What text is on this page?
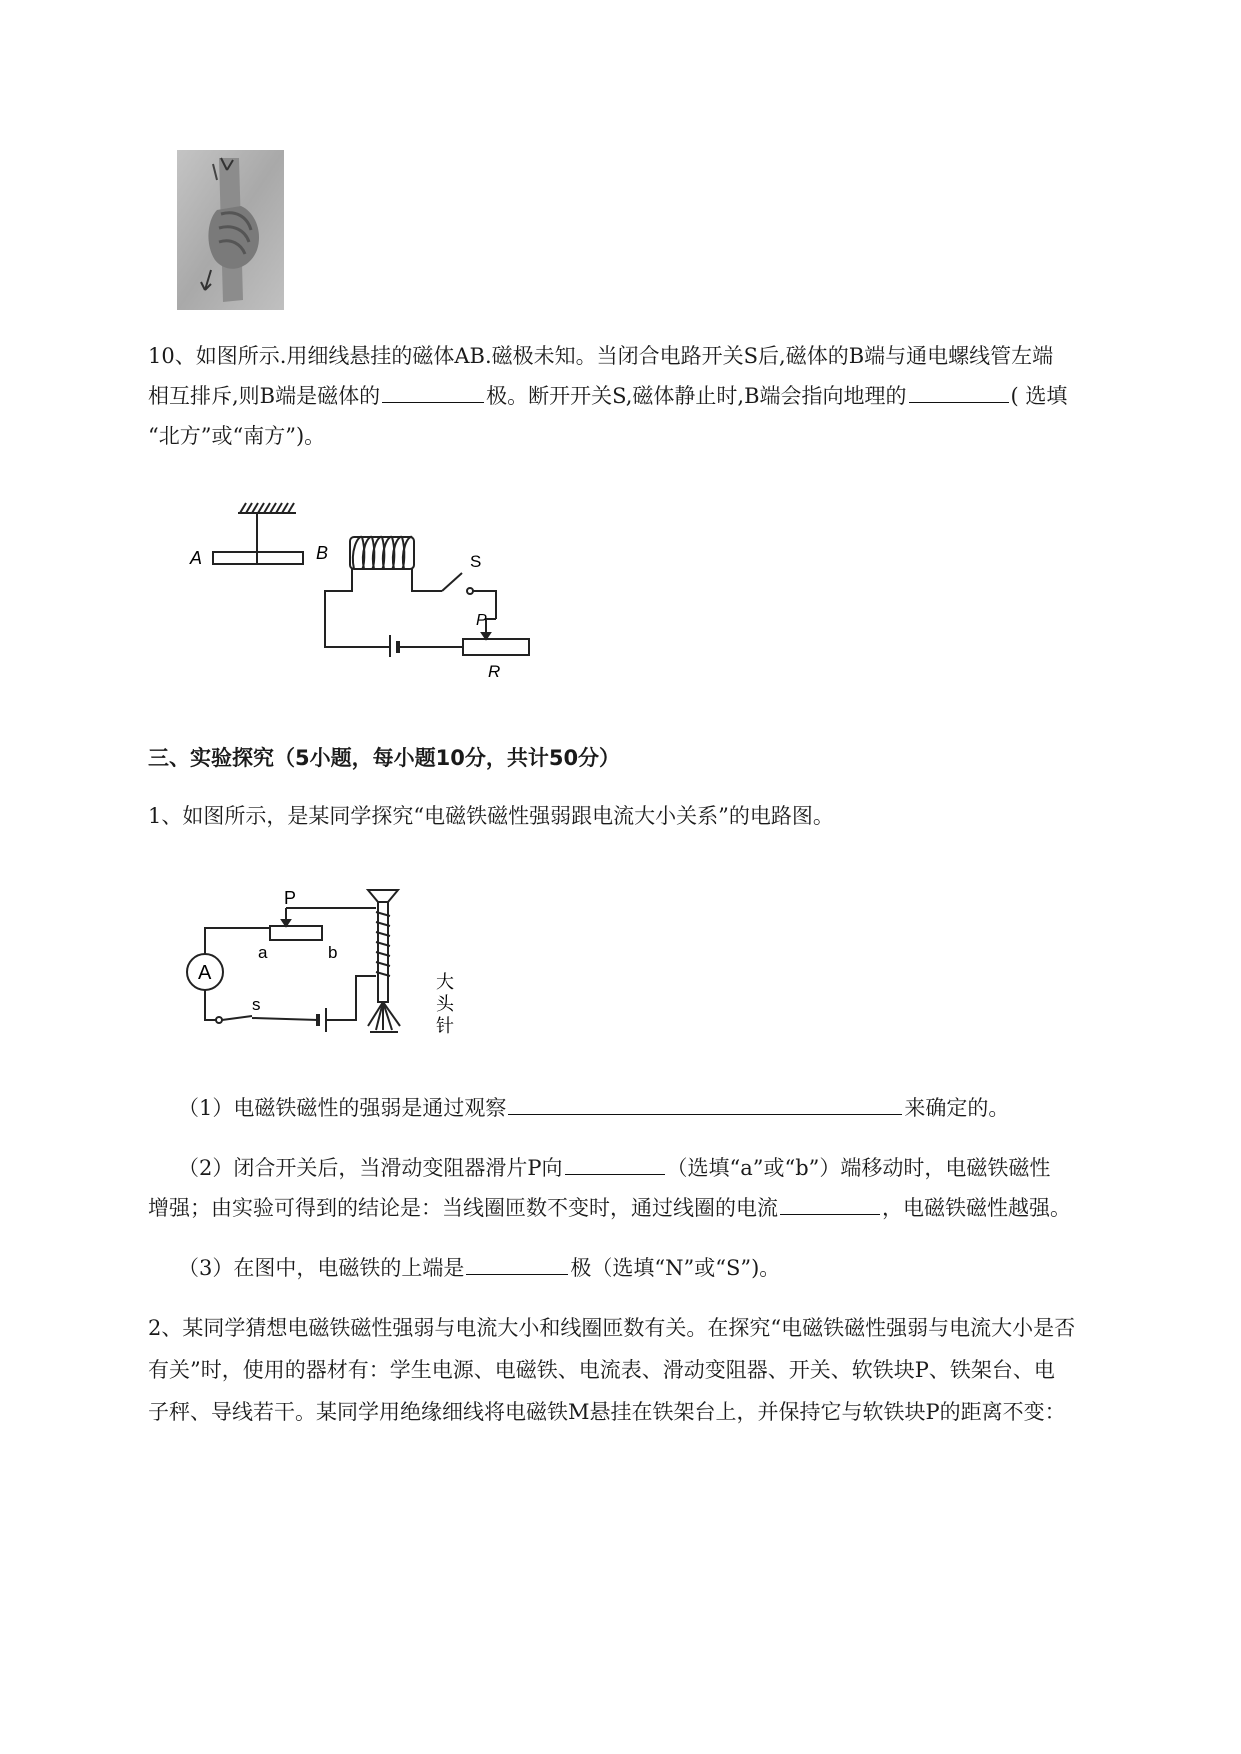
10、如图所示.用细线悬挂的磁体AB.磁极未知。当闭合电路开关S后,磁体的B端与通电螺线管左端

相互排斥,则B端是磁体的	极。断开开关S,磁体静止时,B端会指向地理的	( 选填

“北方”或“南方”)。

A	B	S
P
R

三、实验探究（5小题，每小题10分，共计50分）

1、如图所示，是某同学探究“电磁铁磁性强弱跟电流大小关系”的电路图。

A
P
a	b
s
大
头
针

（1）电磁铁磁性的强弱是通过观察	来确定的。

（2）闭合开关后，当滑动变阻器滑片P向	（选填“a”或“b”）端移动时，电磁铁磁性

增强；由实验可得到的结论是：当线圈匝数不变时，通过线圈的电流	，电磁铁磁性越强。

（3）在图中，电磁铁的上端是	极（选填“N”或“S”)。

2、某同学猜想电磁铁磁性强弱与电流大小和线圈匝数有关。在探究“电磁铁磁性强弱与电流大小是否

有关”时，使用的器材有：学生电源、电磁铁、电流表、滑动变阻器、开关、软铁块P、铁架台、电

子秤、导线若干。某同学用绝缘细线将电磁铁M悬挂在铁架台上，并保持它与软铁块P的距离不变：
